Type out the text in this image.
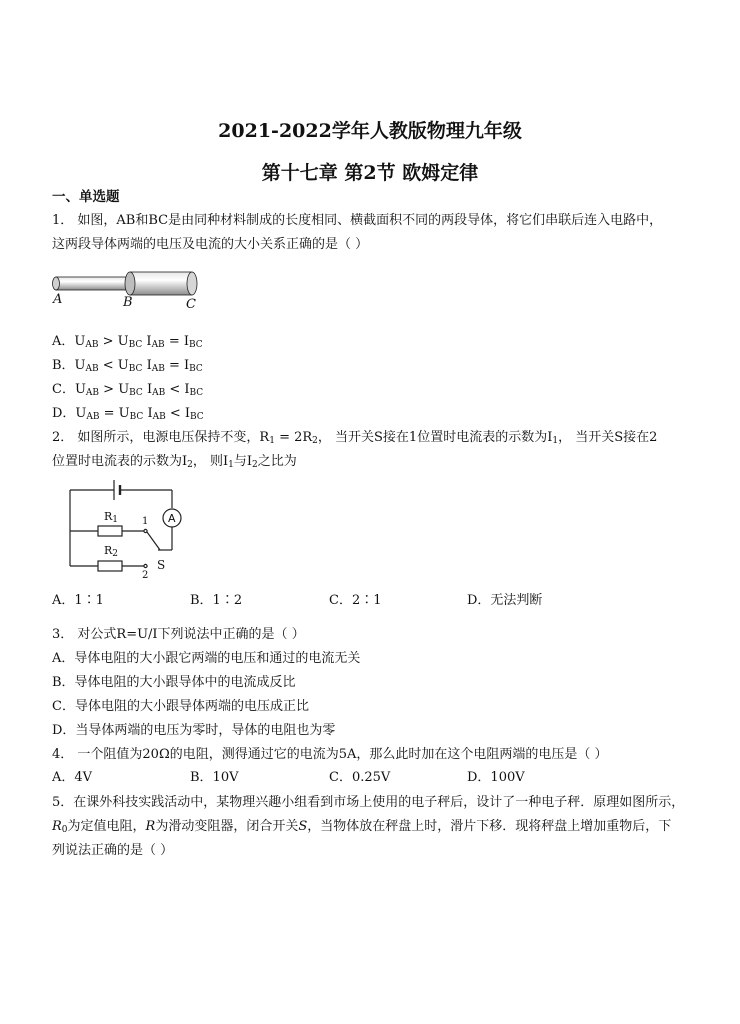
2021-2022学年人教版物理九年级
第十七章 第2节 欧姆定律
一、单选题
1． 如图，AB和BC是由同种材料制成的长度相同、横截面积不同的两段导体，将它们串联后连入电路中，
这两段导体两端的电压及电流的大小关系正确的是（ ）
A	B	C
A．$U_{AB} > U_{BC}$ $I_{AB} = I_{BC}$
B．$U_{AB} < U_{BC}$ $I_{AB} = I_{BC}$
C．$U_{AB} > U_{BC}$ $I_{AB} < I_{BC}$
D．$U_{AB} = U_{BC}$ $I_{AB} < I_{BC}$
2． 如图所示，电源电压保持不变，$R_1 = 2R_2$， 当开关S接在1位置时电流表的示数为$I_1$， 当开关S接在2
位置时电流表的示数为$I_2$， 则$I_1$与$I_2$之比为
A
$R_1$
$R_2$
1
2
S
A．1∶1	B．1∶2	C．2∶1	D．无法判断
3． 对公式R=U/I下列说法中正确的是（ ）
A．导体电阻的大小跟它两端的电压和通过的电流无关
B．导体电阻的大小跟导体中的电流成反比
C．导体电阻的大小跟导体两端的电压成正比
D．当导体两端的电压为零时，导体的电阻也为零
4． 一个阻值为20Ω的电阻，测得通过它的电流为5A，那么此时加在这个电阻两端的电压是（ ）
A．4V	B．10V	C．0.25V	D．100V
5．在课外科技实践活动中，某物理兴趣小组看到市场上使用的电子秤后，设计了一种电子秤．原理如图所示，
$R_0$为定值电阻，R为滑动变阻器，闭合开关S，当物体放在秤盘上时，滑片下移．现将秤盘上增加重物后，下
列说法正确的是（ ）
